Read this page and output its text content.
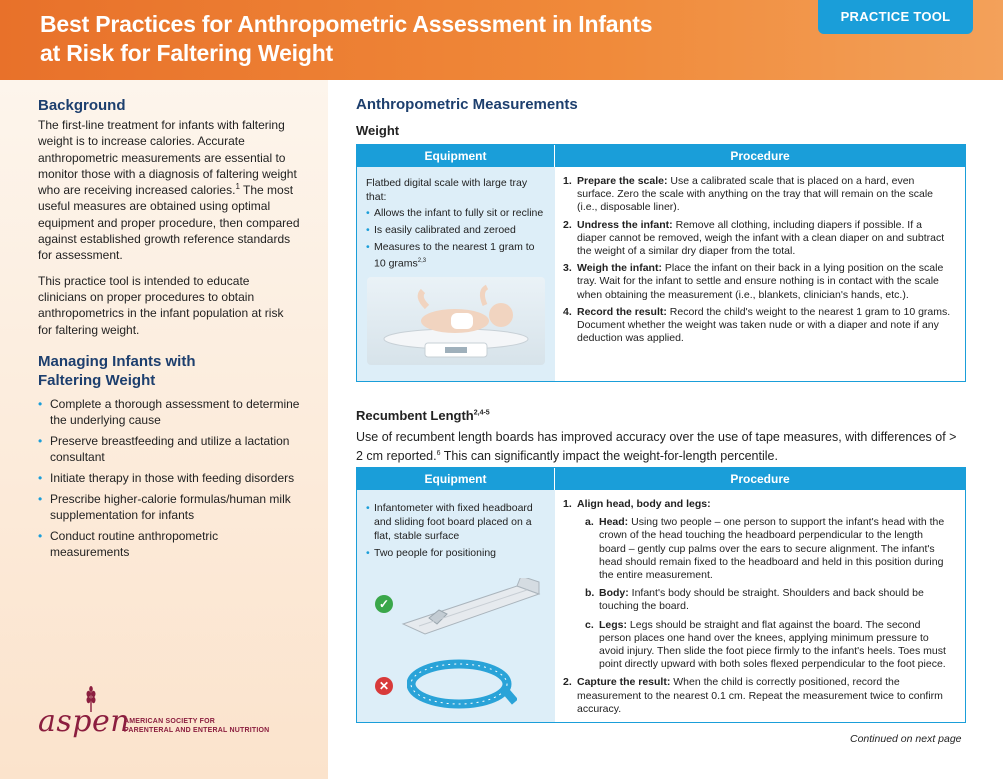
Best Practices for Anthropometric Assessment in Infants at Risk for Faltering Weight
PRACTICE TOOL
Background

The first-line treatment for infants with faltering weight is to increase calories. Accurate anthropometric measurements are essential to monitor those with a diagnosis of faltering weight who are receiving increased calories.$^1$ The most useful measures are obtained using optimal equipment and proper procedure, then compared against established growth reference standards for assessment.

This practice tool is intended to educate clinicians on proper procedures to obtain anthropometrics in the infant population at risk for faltering weight.

Managing Infants with Faltering Weight
• Complete a thorough assessment to determine the underlying cause
• Preserve breastfeeding and utilize a lactation consultant
• Initiate therapy in those with feeding disorders
• Prescribe higher-calorie formulas/human milk supplementation for infants
• Conduct routine anthropometric measurements
aspen
AMERICAN SOCIETY FOR
PARENTERAL AND ENTERAL NUTRITION
Anthropometric Measurements
Weight
Equipment	Procedure
Flatbed digital scale with large tray that:
• Allows the infant to fully sit or recline
• Is easily calibrated and zeroed
• Measures to the nearest 1 gram to 10 grams$^{2,3}$
1. Prepare the scale: Use a calibrated scale that is placed on a hard, even surface. Zero the scale with anything on the tray that will remain on the scale (i.e., disposable liner).
2. Undress the infant: Remove all clothing, including diapers if possible. If a diaper cannot be removed, weigh the infant with a clean diaper on and subtract the weight of a similar dry diaper from the total.
3. Weigh the infant: Place the infant on their back in a lying position on the scale tray. Wait for the infant to settle and ensure nothing is in contact with the scale when obtaining the measurement (i.e., blankets, clinician's hands, etc.).
4. Record the result: Record the child's weight to the nearest 1 gram to 10 grams. Document whether the weight was taken nude or with a diaper and note if any deduction was applied.
Recumbent Length$^{2,4-5}$

Use of recumbent length boards has improved accuracy over the use of tape measures, with differences of > 2 cm reported.$^6$ This can significantly impact the weight-for-length percentile.

Equipment	Procedure
• Infantometer with fixed headboard and sliding foot board placed on a flat, stable surface
• Two people for positioning
✓
✕
1. Align head, body and legs:
a. Head: Using two people – one person to support the infant's head with the crown of the head touching the headboard perpendicular to the length board – gently cup palms over the ears to secure alignment. The infant's head should remain fixed to the headboard and held in this position during the entire measurement.
b. Body: Infant's body should be straight. Shoulders and back should be touching the board.
c. Legs: Legs should be straight and flat against the board. The second person places one hand over the knees, applying minimum pressure to avoid injury. Then slide the foot piece firmly to the infant's heels. Toes must point directly upward with both soles flexed perpendicular to the foot piece.
2. Capture the result: When the child is correctly positioned, record the measurement to the nearest 0.1 cm. Repeat the measurement twice to confirm accuracy.
Continued on next page
